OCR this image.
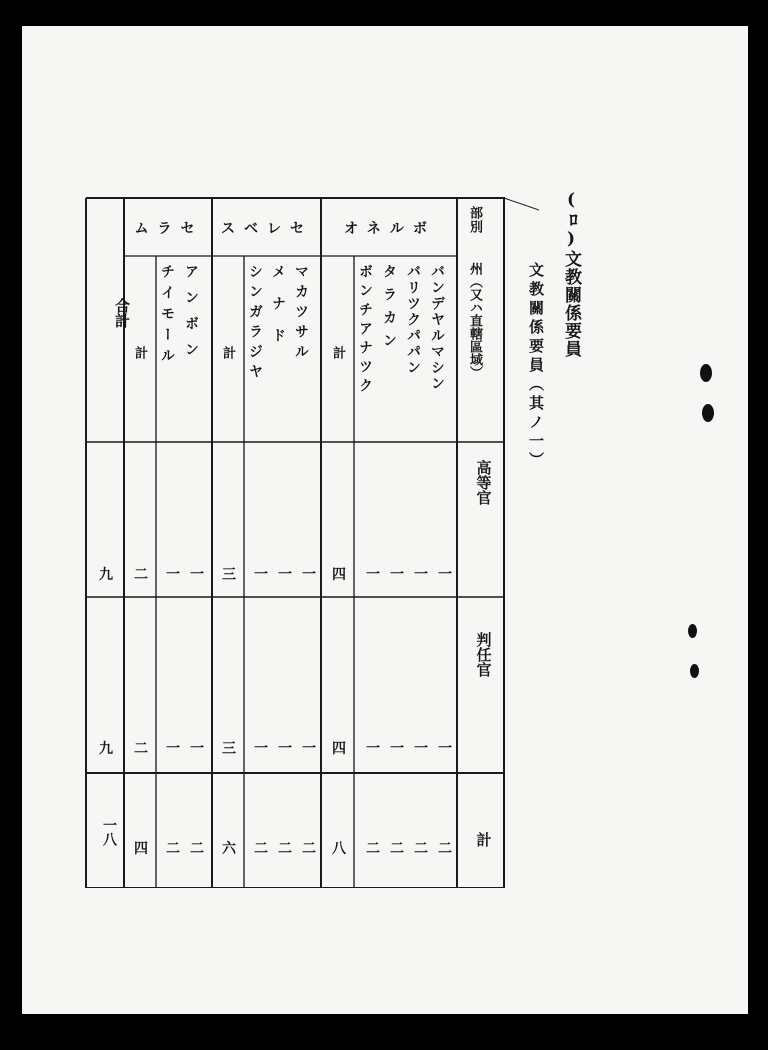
(ﾛ)文教關係要員
文教關係要員（其ノ一）
部別
州（又ハ直轄區域）
合計
ボルネオ
セレベス
セラム
バンデヤルマシン
バリツクパパン
タラカン
ボンチアナツク
計
マカツサル
メナド
シンガラジヤ
計
アンボン
チイモール
計
高等官
判任官
計
一
一
一
一
四
一
一
一
三
一
一
二
九
一
一
一
一
四
一
一
一
三
一
一
二
九
二
二
二
二
八
二
二
二
六
二
二
四
一八
